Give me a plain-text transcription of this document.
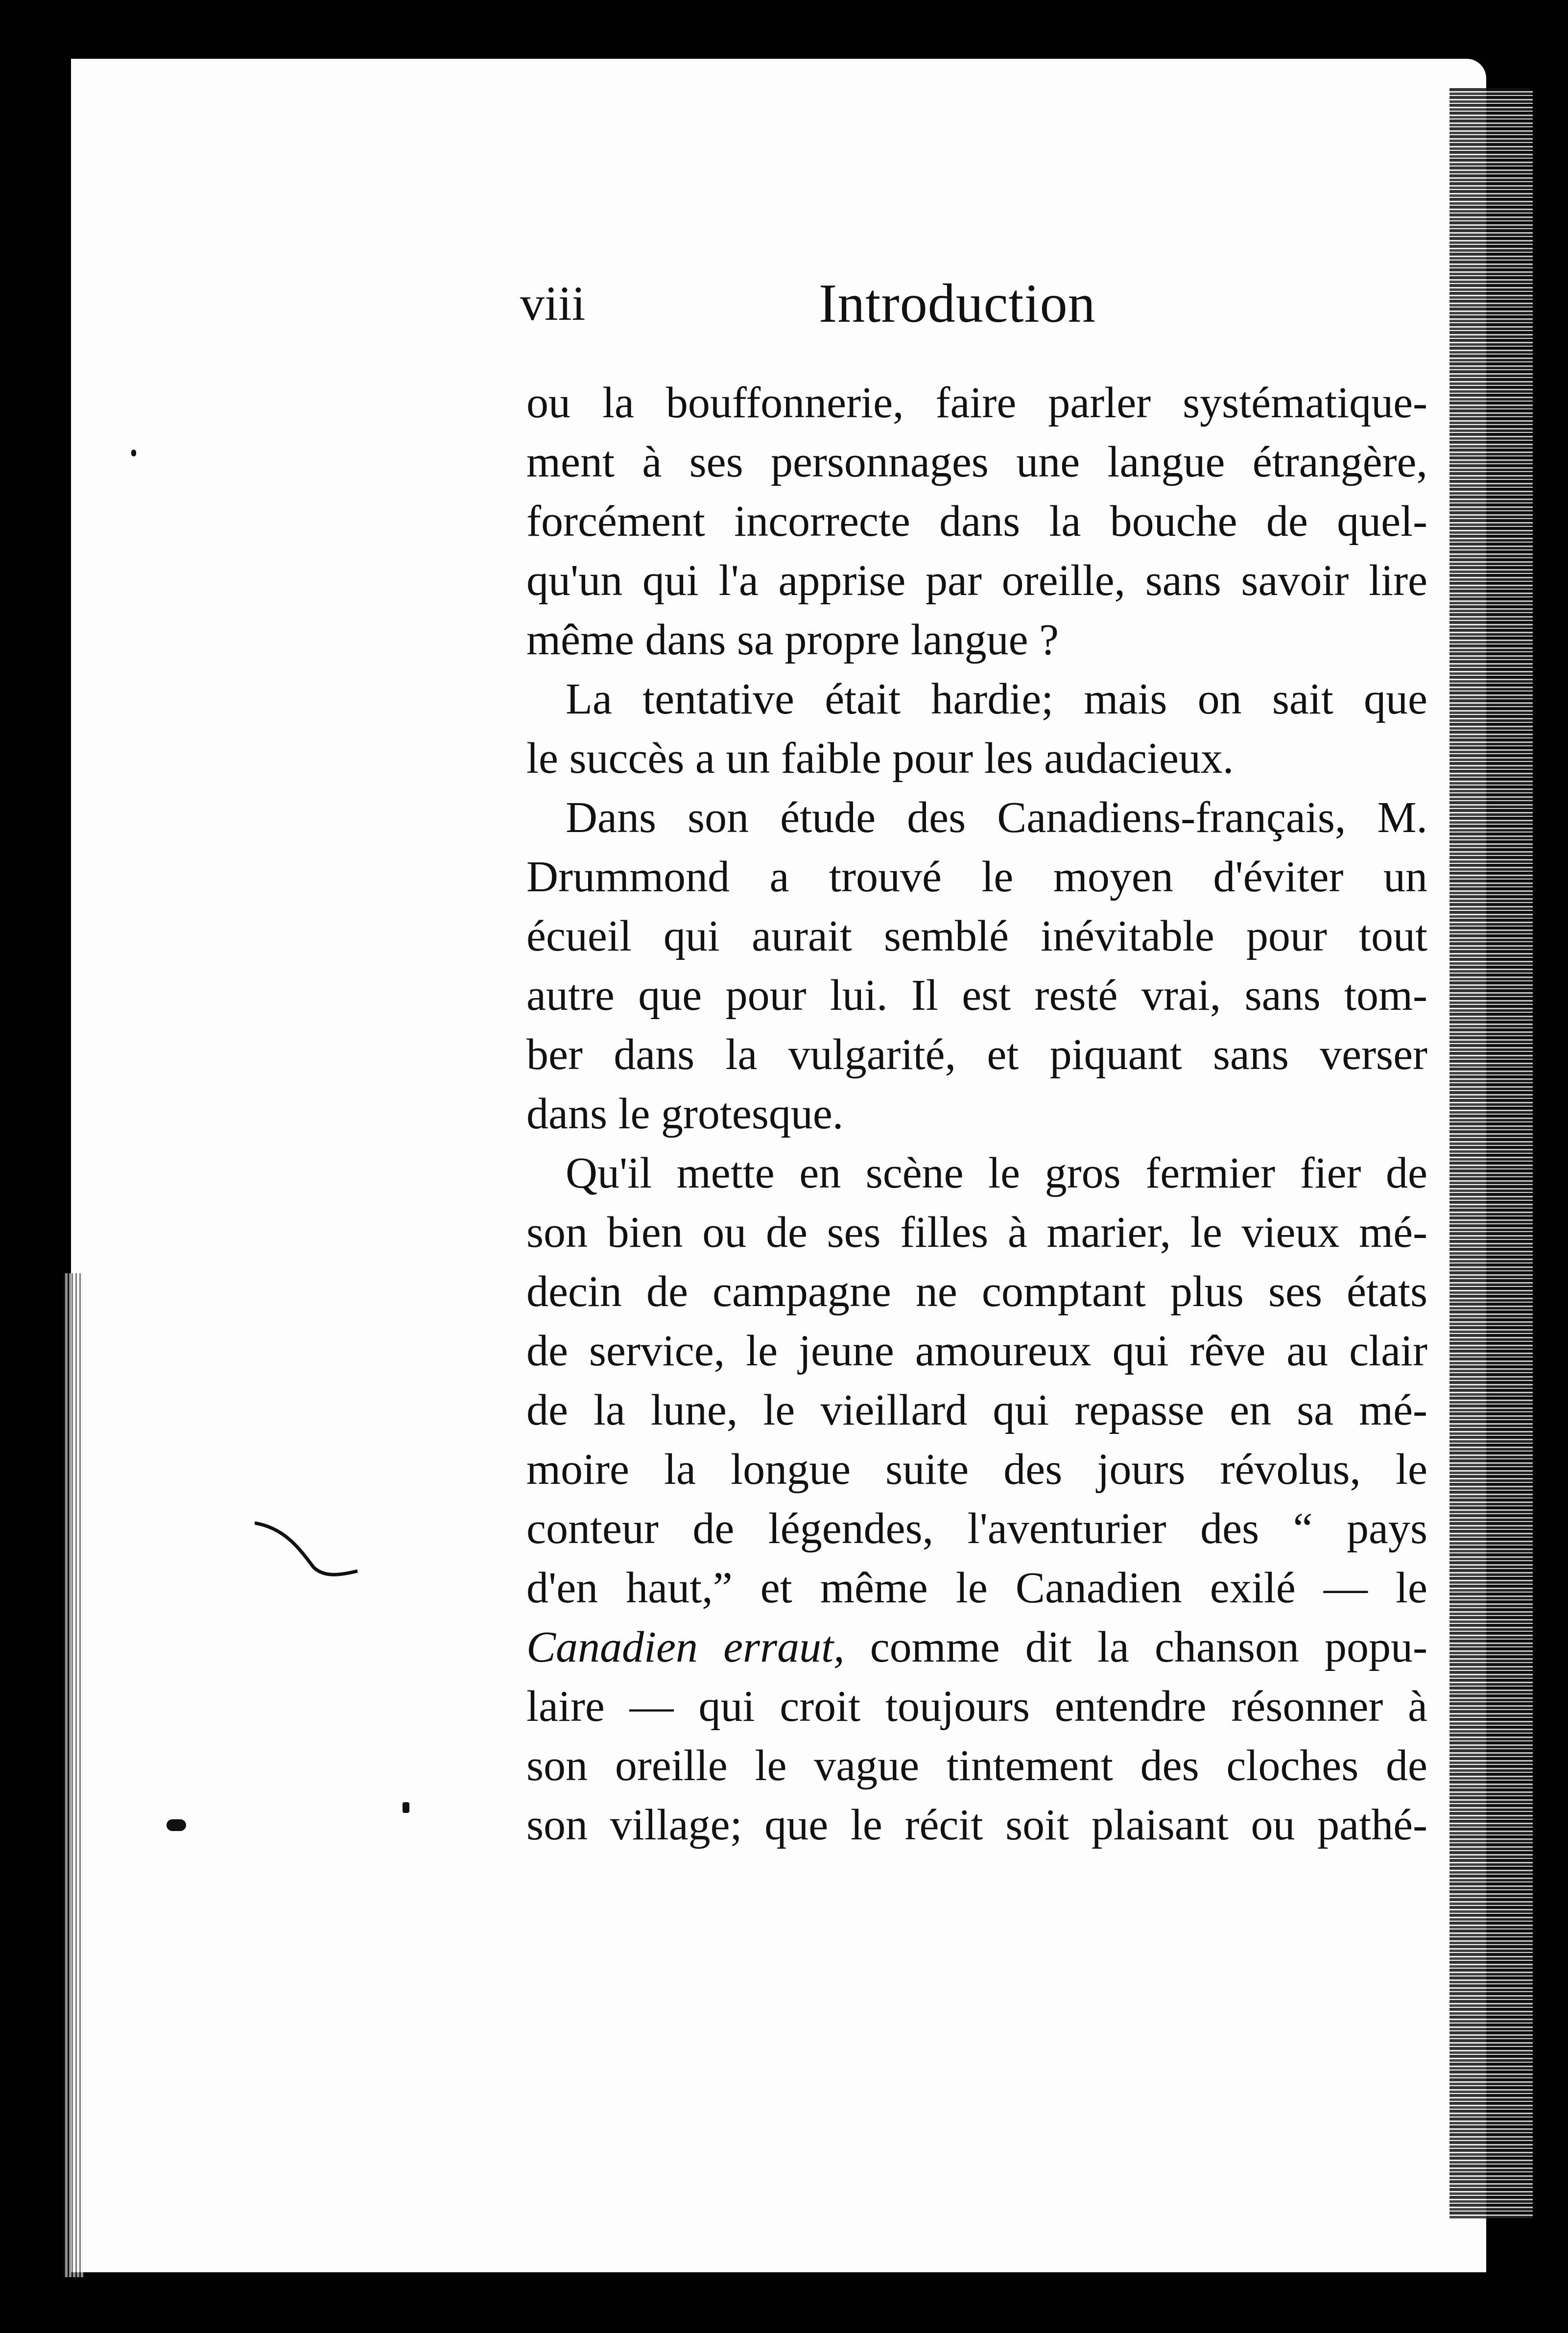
viii	Introduction
ou la bouffonnerie, faire parler systématique-
ment à ses personnages une langue étrangère,
forcément incorrecte dans la bouche de quel-
qu'un qui l'a apprise par oreille, sans savoir lire
même dans sa propre langue ?
La tentative était hardie; mais on sait que
le succès a un faible pour les audacieux.
Dans son étude des Canadiens-français, M.
Drummond a trouvé le moyen d'éviter un
écueil qui aurait semblé inévitable pour tout
autre que pour lui. Il est resté vrai, sans tom-
ber dans la vulgarité, et piquant sans verser
dans le grotesque.
Qu'il mette en scène le gros fermier fier de
son bien ou de ses filles à marier, le vieux mé-
decin de campagne ne comptant plus ses états
de service, le jeune amoureux qui rêve au clair
de la lune, le vieillard qui repasse en sa mé-
moire la longue suite des jours révolus, le
conteur de légendes, l'aventurier des “ pays
d'en haut,” et même le Canadien exilé — le
Canadien erraut, comme dit la chanson popu-
laire — qui croit toujours entendre résonner à
son oreille le vague tintement des cloches de
son village; que le récit soit plaisant ou pathé-
